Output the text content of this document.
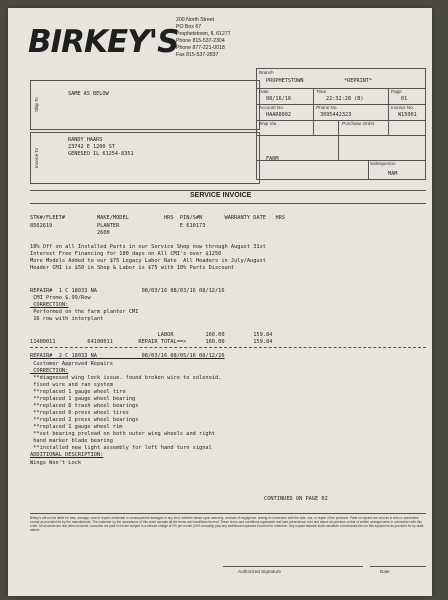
BIRKEY'S
200 North Street
PO Box 67
Prophetstown, IL 61277
Phone 815-537-2304
Phone 877-221-0018
Fax 815-537-2837
Ship To
SAME AS BELOW
Invoice To
RANDY HAARS
23742 E 1200 ST
GENESEO IL 61254-8351
Branch
PROPHETSTOWN	*REPRINT*
Date
08/16/16
Time
22:32:28 (B)
Page
01
Account No.
HAAR8002
Phone No.
3095442323
Invoice No.
W15001
Ship Via	Purchase Order
FARM
Salesperson
MAM
SERVICE INVOICE
STK#/FLEET#          MAKE/MODEL           HRS  PIN/S#N       WARRANTY DATE   HRS
8562619              PLANTER                   E 610173
2600
10% Off on all Installed Parts in our Service Shop now through August 31st
Interest Free Financing for 180 days on All CMI's over $1250
More Models Added to our $75 Legacy Labor Rate  All Headers in July/August
Header CMI is $50 in Shop & Labor is $75 with 10% Parts Discount
REPAIR#  1 C 18033 NA              08/03/16 08/03/16 08/12/16
CMI Promo $.99/Row
CORRECTION:
Performed on the farm planter CMI
16 row with interplant
LABOR          160.00         159.84
11400011          64100011        REPAIR TOTAL==>      160.00         159.84
REPAIR#  2 C 18033 NA              08/03/16 08/05/16 08/12/16
Customer Approved Repairs
CORRECTION:
**diagnosed wing lock issue. found broken wire to solenoid.
fixed wire and ran system
**replaced 1 gauge wheel tire
**replaced 1 gauge wheel bearing
**replaced 6 trash wheel bearings
**replaced 6 press wheel tires
**replaced 2 press wheel bearings
**replaced 1 gauge wheel rim
**set bearing preload on both outer wing wheels and right
hand marker blade bearing
**installed new light assembly for left hand turn signal
ADDITIONAL DESCRIPTION:
Wings Won't Lock
CONTINUED ON PAGE 02
Birkey's will not be liable for loss, damage, cost of repairs incidental or consequential damages of any kind, whether based upon warranty, contract of negligence, arising in connection with the sale, use, or repair of the products. Parts on repairs are sold as is with no warranties except as provided for by the manufacturer. The customer by the acceptance of this order accepts all the terms and conditions thereof. These terms and conditions supersede and take precedence over and above all previous verbal or written arrangements in connection with this order. All amounts are due when invoiced. Accounts not paid in full are subject to a service charge of 2% per month (24% annually) plus any additional expenses incurred for collection. Any unpaid balance shall constitute a mechanics lien on this equipment as provided for by state statute.
Authorized Signature	Date
